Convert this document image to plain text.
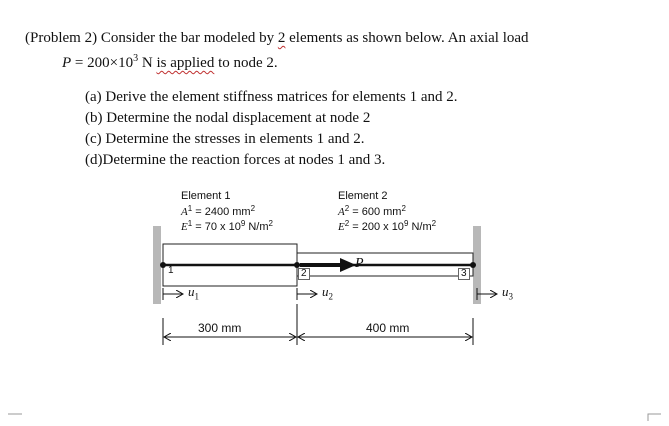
(Problem 2) Consider the bar modeled by 2 elements as shown below. An axial load
$P = 200\times 10^3$ N is applied to node 2.
(a) Derive the element stiffness matrices for elements 1 and 2.
(b) Determine the nodal displacement at node 2
(c) Determine the stresses in elements 1 and 2.
(d)Determine the reaction forces at nodes 1 and 3.
Element 1
$A^1 = 2400$ $mm^2$
$E^1 = 70$ x $10^9$ $N/m^2$
Element 2
$A^2 = 600$ $mm^2$
$E^2 = 200$ x $10^9$ $N/m^2$
1	2	3
P
$u_1$	$u_2$	$u_3$
300 mm	400 mm
